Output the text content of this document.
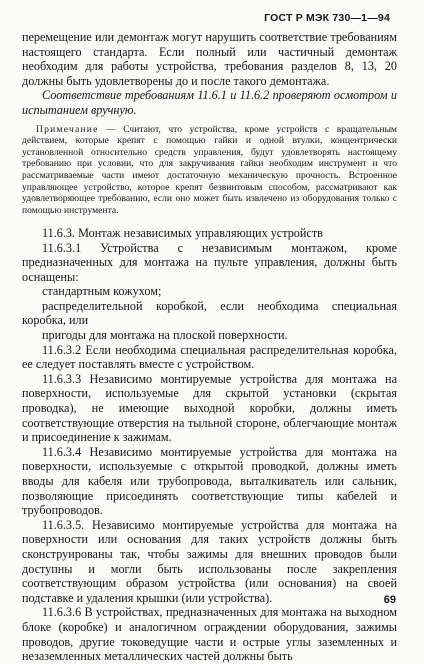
ГОСТ Р МЭК 730—1—94

перемещение или демонтаж могут нарушить соответствие требованиям настоящего стандарта. Если полный или частичный демонтаж необходим для работы устройства, требования разделов 8, 13, 20 должны быть удовлетворены до и после такого демонтажа.

Соответствие требованиям 11.6.1 и 11.6.2 проверяют осмотром и испытанием вручную.

Примечание — Считают, что устройства, кроме устройств с вращательным действием, которые крепят с помощью гайки и одной втулки, концентрически установленной относительно средств управления, будут удовлетворять настоящему требованию при условии, что для закручивания гайки необходим инструмент и что рассматриваемые части имеют достаточную механическую прочность. Встроенное управляющее устройство, которое крепят безвинтовым способом, рассматривают как удовлетворяющее требованию, если оно может быть извлечено из оборудования только с помощью инструмента.

11.6.3. Монтаж независимых управляющих устройств

11.6.3.1 Устройства с независимым монтажом, кроме предназначенных для монтажа на пульте управления, должны быть оснащены:

стандартным кожухом;

распределительной коробкой, если необходима специальная коробка, или

пригоды для монтажа на плоской поверхности.

11.6.3.2 Если необходима специальная распределительная коробка, ее следует поставлять вместе с устройством.

11.6.3.3 Независимо монтируемые устройства для монтажа на поверхности, используемые для скрытой установки (скрытая проводка), не имеющие выходной коробки, должны иметь соответствующие отверстия на тыльной стороне, облегчающие монтаж и присоединение к зажимам.

11.6.3.4 Независимо монтируемые устройства для монтажа на поверхности, используемые с открытой проводкой, должны иметь вводы для кабеля или трубопровода, выталкиватель или сальник, позволяющие присоединять соответствующие типы кабелей и трубопроводов.

11.6.3.5. Независимо монтируемые устройства для монтажа на поверхности или основания для таких устройств должны быть сконструированы так, чтобы зажимы для внешних проводов были доступны и могли быть использованы после закрепления соответствующим образом устройства (или основания) на своей подставке и удаления крышки (или устройства).

11.6.3.6 В устройствах, предназначенных для монтажа на выходном блоке (коробке) и аналогичном ограждении оборудования, зажимы проводов, другие токоведущие части и острые углы заземленных и незаземленных металлических частей должны быть

69
